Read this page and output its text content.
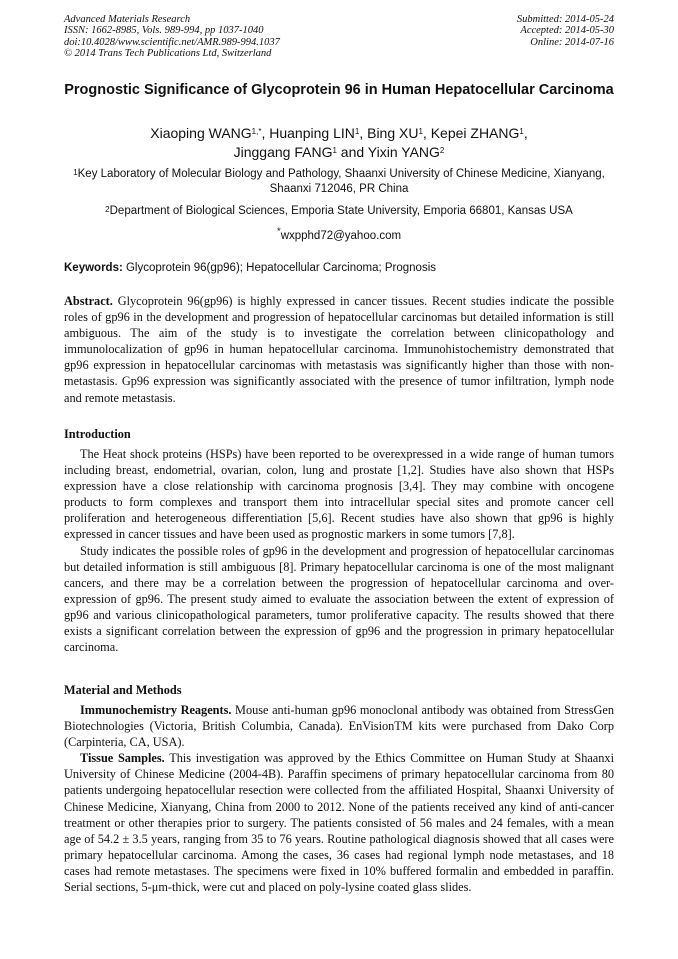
Advanced Materials Research
ISSN: 1662-8985, Vols. 989-994, pp 1037-1040
doi:10.4028/www.scientific.net/AMR.989-994.1037
© 2014 Trans Tech Publications Ltd, Switzerland
Submitted: 2014-05-24
Accepted: 2014-05-30
Online: 2014-07-16
Prognostic Significance of Glycoprotein 96 in Human Hepatocellular Carcinoma
Xiaoping $WANG^{1,*}$, Huanping LIN$^1$, Bing $XU^1$, Kepei ZHANG$^1$,
Jinggang FANG$^1$ and Yixin YANG$^2$
$^1$Key Laboratory of Molecular Biology and Pathology, Shaanxi University of Chinese Medicine, Xianyang, Shaanxi 712046, PR China
$^2$Department of Biological Sciences, Emporia State University, Emporia 66801, Kansas USA
*wxpphd72@yahoo.com
Keywords: Glycoprotein 96(gp96); Hepatocellular Carcinoma; Prognosis

Abstract. Glycoprotein 96(gp96) is highly expressed in cancer tissues. Recent studies indicate the possible roles of gp96 in the development and progression of hepatocellular carcinomas but detailed information is still ambiguous. The aim of the study is to investigate the correlation between clinicopathology and immunolocalization of gp96 in human hepatocellular carcinoma. Immunohistochemistry demonstrated that gp96 expression in hepatocellular carcinomas with metastasis was significantly higher than those with non-metastasis. Gp96 expression was significantly associated with the presence of tumor infiltration, lymph node and remote metastasis.

Introduction

The Heat shock proteins (HSPs) have been reported to be overexpressed in a wide range of human tumors including breast, endometrial, ovarian, colon, lung and prostate [1,2]. Studies have also shown that HSPs expression have a close relationship with carcinoma prognosis [3,4]. They may combine with oncogene products to form complexes and transport them into intracellular special sites and promote cancer cell proliferation and heterogeneous differentiation [5,6]. Recent studies have also shown that gp96 is highly expressed in cancer tissues and have been used as prognostic markers in some tumors [7,8].

Study indicates the possible roles of gp96 in the development and progression of hepatocellular carcinomas but detailed information is still ambiguous [8]. Primary hepatocellular carcinoma is one of the most malignant cancers, and there may be a correlation between the progression of hepatocellular carcinoma and over-expression of gp96. The present study aimed to evaluate the association between the extent of expression of gp96 and various clinicopathological parameters, tumor proliferative capacity. The results showed that there exists a significant correlation between the expression of gp96 and the progression in primary hepatocellular carcinoma.

Material and Methods

Immunochemistry Reagents. Mouse anti-human gp96 monoclonal antibody was obtained from StressGen Biotechnologies (Victoria, British Columbia, Canada). EnVisionTM kits were purchased from Dako Corp (Carpinteria, CA, USA).

Tissue Samples. This investigation was approved by the Ethics Committee on Human Study at Shaanxi University of Chinese Medicine (2004-4B). Paraffin specimens of primary hepatocellular carcinoma from 80 patients undergoing hepatocellular resection were collected from the affiliated Hospital, Shaanxi University of Chinese Medicine, Xianyang, China from 2000 to 2012. None of the patients received any kind of anti-cancer treatment or other therapies prior to surgery. The patients consisted of 56 males and 24 females, with a mean age of 54.2 ± 3.5 years, ranging from 35 to 76 years. Routine pathological diagnosis showed that all cases were primary hepatocellular carcinoma. Among the cases, 36 cases had regional lymph node metastases, and 18 cases had remote metastases. The specimens were fixed in 10% buffered formalin and embedded in paraffin. Serial sections, 5-μm-thick, were cut and placed on poly-lysine coated glass slides.
